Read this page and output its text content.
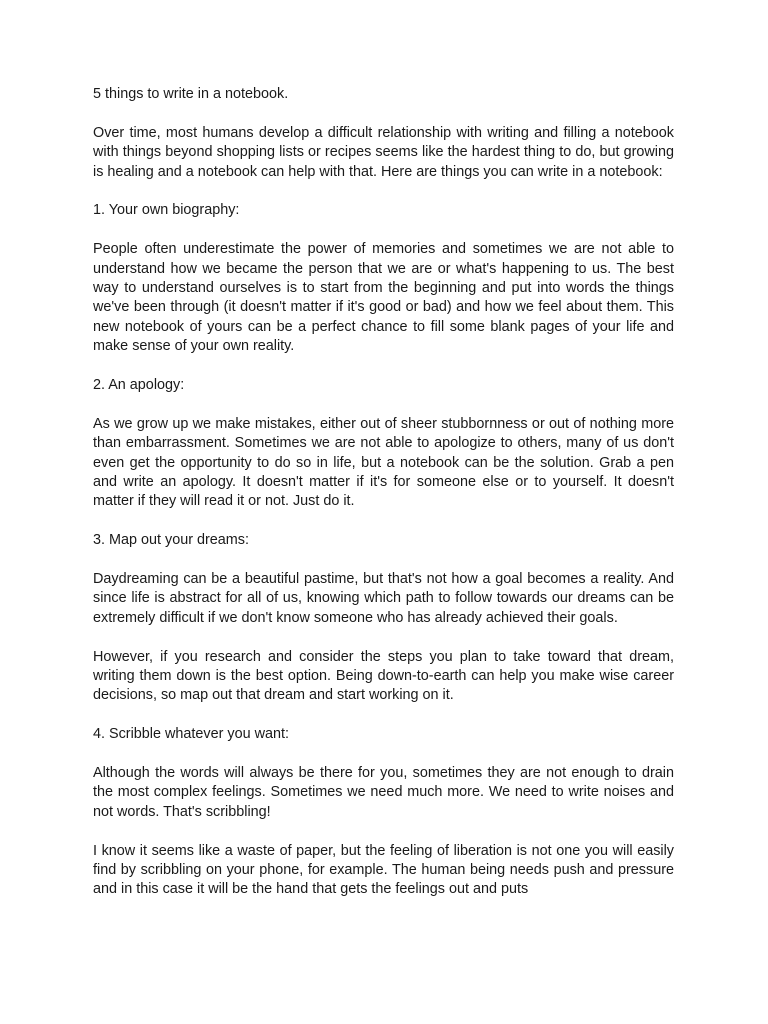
5 things to write in a notebook.

Over time, most humans develop a difficult relationship with writing and filling a notebook with things beyond shopping lists or recipes seems like the hardest thing to do, but growing is healing and a notebook can help with that. Here are things you can write in a notebook:

1. Your own biography:

People often underestimate the power of memories and sometimes we are not able to understand how we became the person that we are or what's happening to us. The best way to understand ourselves is to start from the beginning and put into words the things we've been through (it doesn't matter if it's good or bad) and how we feel about them. This new notebook of yours can be a perfect chance to fill some blank pages of your life and make sense of your own reality.

2. An apology:

As we grow up we make mistakes, either out of sheer stubbornness or out of nothing more than embarrassment. Sometimes we are not able to apologize to others, many of us don't even get the opportunity to do so in life, but a notebook can be the solution. Grab a pen and write an apology. It doesn't matter if it's for someone else or to yourself. It doesn't matter if they will read it or not. Just do it.

3. Map out your dreams:

Daydreaming can be a beautiful pastime, but that's not how a goal becomes a reality. And since life is abstract for all of us, knowing which path to follow towards our dreams can be extremely difficult if we don't know someone who has already achieved their goals.

However, if you research and consider the steps you plan to take toward that dream, writing them down is the best option. Being down-to-earth can help you make wise career decisions, so map out that dream and start working on it.

4. Scribble whatever you want:

Although the words will always be there for you, sometimes they are not enough to drain the most complex feelings. Sometimes we need much more. We need to write noises and not words. That's scribbling!

I know it seems like a waste of paper, but the feeling of liberation is not one you will easily find by scribbling on your phone, for example. The human being needs push and pressure and in this case it will be the hand that gets the feelings out and puts
